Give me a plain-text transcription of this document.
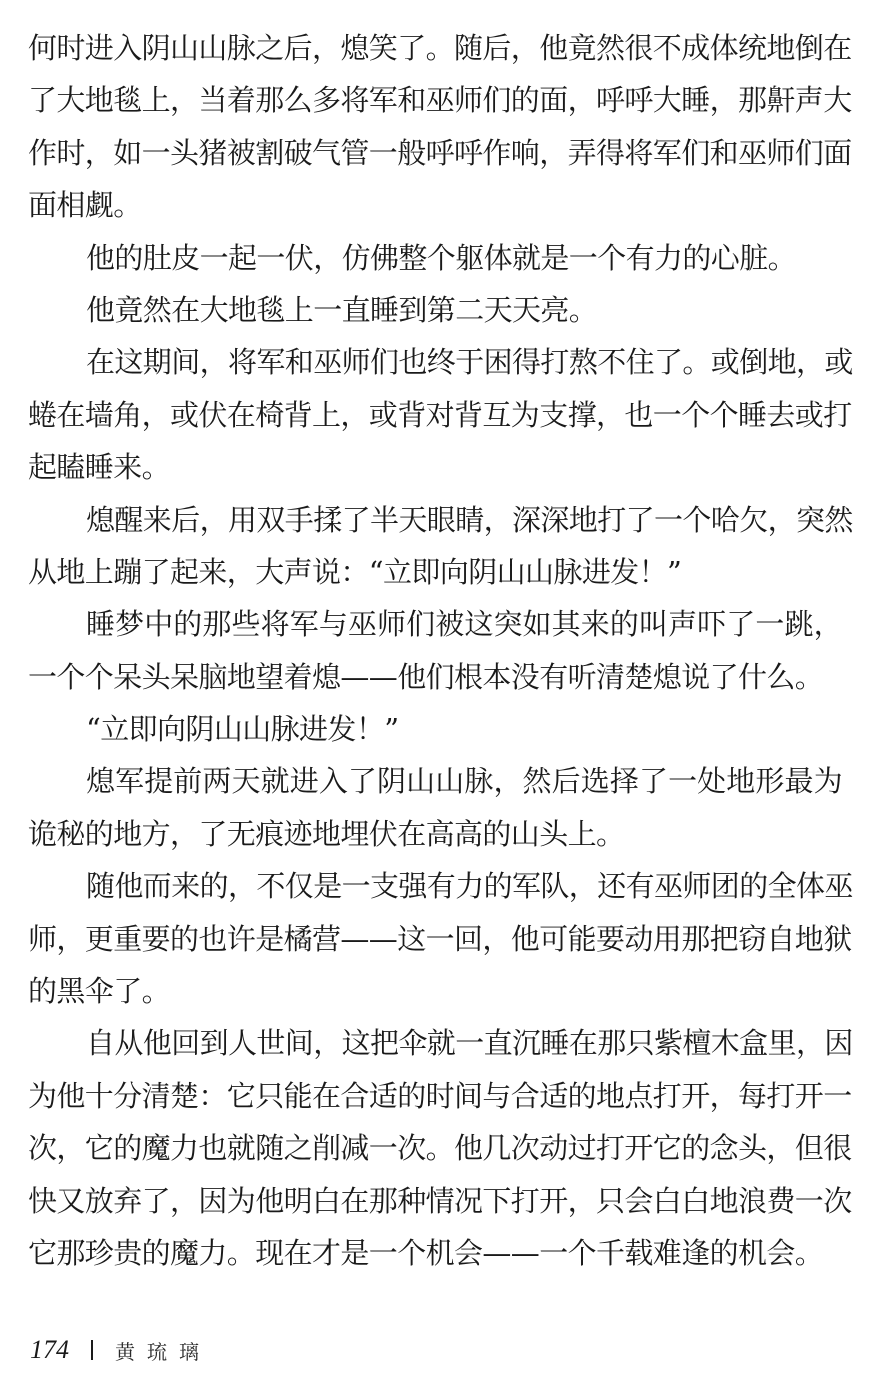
何时进入阴山山脉之后，熄笑了。随后，他竟然很不成体统地倒在
了大地毯上，当着那么多将军和巫师们的面，呼呼大睡，那鼾声大
作时，如一头猪被割破气管一般呼呼作响，弄得将军们和巫师们面
面相觑。
他的肚皮一起一伏，仿佛整个躯体就是一个有力的心脏。
他竟然在大地毯上一直睡到第二天天亮。
在这期间，将军和巫师们也终于困得打熬不住了。或倒地，或
蜷在墙角，或伏在椅背上，或背对背互为支撑，也一个个睡去或打
起瞌睡来。
熄醒来后，用双手揉了半天眼睛，深深地打了一个哈欠，突然
从地上蹦了起来，大声说：“立即向阴山山脉进发！”
睡梦中的那些将军与巫师们被这突如其来的叫声吓了一跳，
一个个呆头呆脑地望着熄——他们根本没有听清楚熄说了什么。
“立即向阴山山脉进发！”
熄军提前两天就进入了阴山山脉，然后选择了一处地形最为
诡秘的地方，了无痕迹地埋伏在高高的山头上。
随他而来的，不仅是一支强有力的军队，还有巫师团的全体巫
师，更重要的也许是橘营——这一回，他可能要动用那把窃自地狱
的黑伞了。
自从他回到人世间，这把伞就一直沉睡在那只紫檀木盒里，因
为他十分清楚：它只能在合适的时间与合适的地点打开，每打开一
次，它的魔力也就随之削减一次。他几次动过打开它的念头，但很
快又放弃了，因为他明白在那种情况下打开，只会白白地浪费一次
它那珍贵的魔力。现在才是一个机会——一个千载难逢的机会。
174 黄琉璃
